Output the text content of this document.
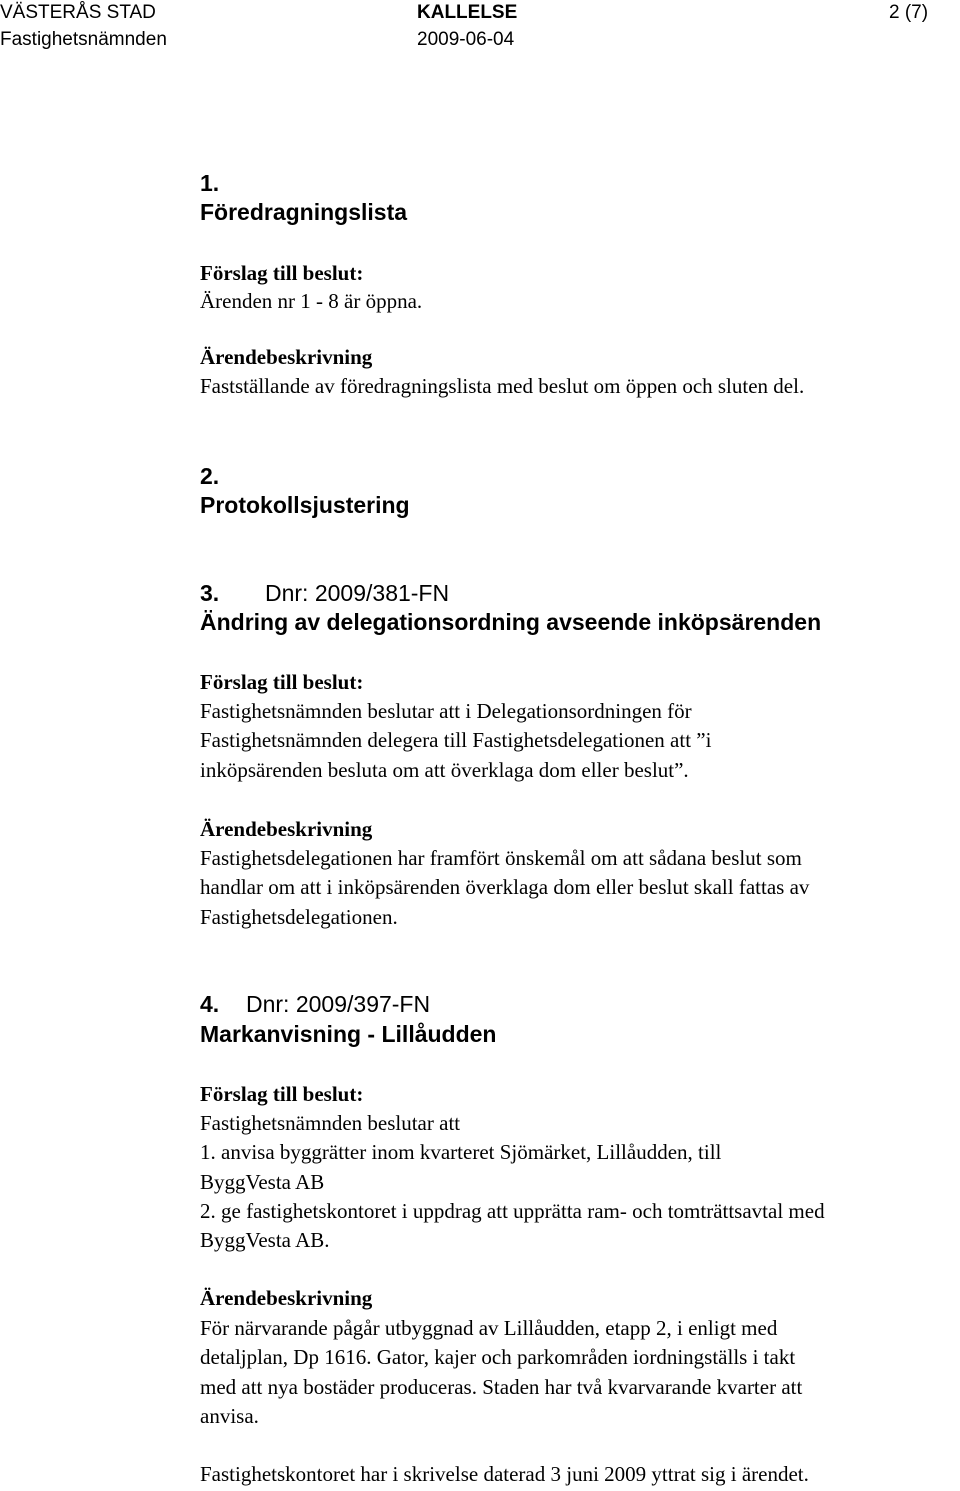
VÄSTERÅS STAD	KALLELSE	2 (7)
Fastighetsnämnden	2009-06-04
1.
Föredragningslista
Förslag till beslut:
Ärenden nr 1 - 8 är öppna.
Ärendebeskrivning
Fastställande av föredragningslista med beslut om öppen och sluten del.
2.
Protokollsjustering
3. Dnr: 2009/381-FN
Ändring av delegationsordning avseende inköpsärenden
Förslag till beslut:
Fastighetsnämnden beslutar att i Delegationsordningen för
Fastighetsnämnden delegera till Fastighetsdelegationen att ”i
inköpsärenden besluta om att överklaga dom eller beslut”.
Ärendebeskrivning
Fastighetsdelegationen har framfört önskemål om att sådana beslut som
handlar om att i inköpsärenden överklaga dom eller beslut skall fattas av
Fastighetsdelegationen.
4. Dnr: 2009/397-FN
Markanvisning - Lillåudden
Förslag till beslut:
Fastighetsnämnden beslutar att
1. anvisa byggrätter inom kvarteret Sjömärket, Lillåudden, till
ByggVesta AB
2. ge fastighetskontoret i uppdrag att upprätta ram- och tomträttsavtal med
ByggVesta AB.
Ärendebeskrivning
För närvarande pågår utbyggnad av Lillåudden, etapp 2, i enligt med
detaljplan, Dp 1616. Gator, kajer och parkområden iordningställs i takt
med att nya bostäder produceras. Staden har två kvarvarande kvarter att
anvisa.
Fastighetskontoret har i skrivelse daterad 3 juni 2009 yttrat sig i ärendet.
